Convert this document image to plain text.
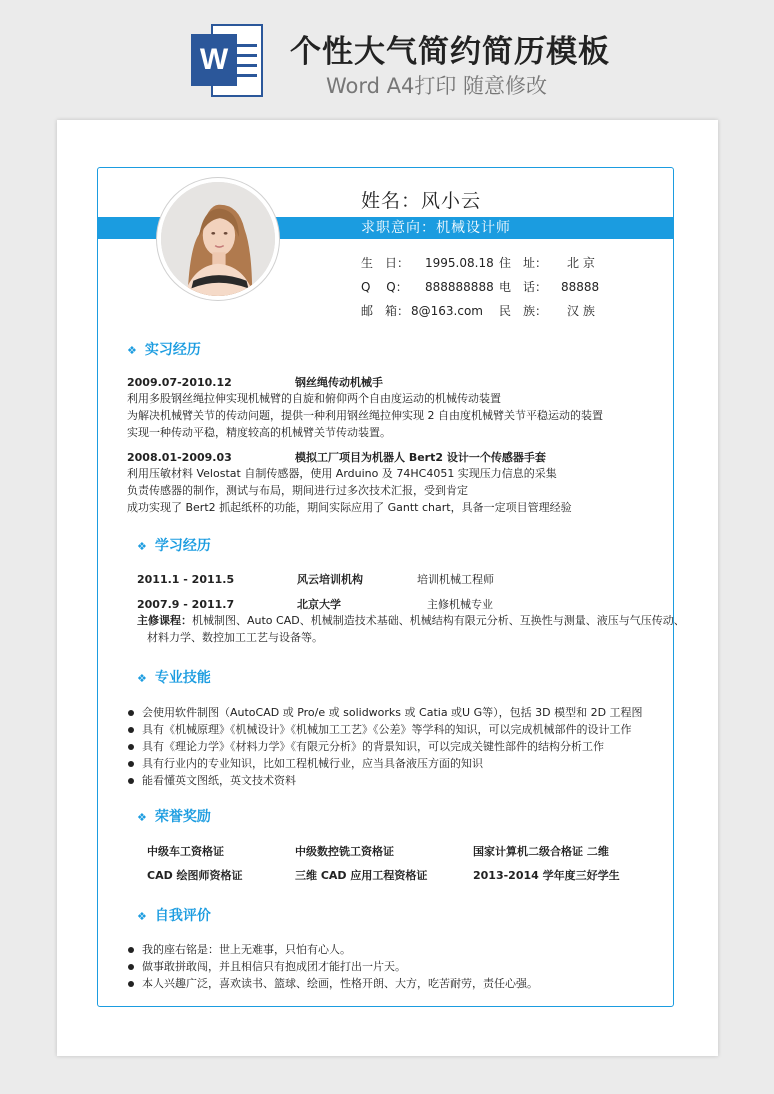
W 个性大气简约简历模板
Word A4打印 随意修改
姓名：风小云
求职意向：机械设计师
生　日： 1995.08.18 住　址： 北 京
Q　 Q： 888888888 电　话： 88888
邮　箱： 8@163.com 民　族： 汉 族
❖ 实习经历
2009.07-2010.12	钢丝绳传动机械手
利用多股钢丝绳拉伸实现机械臂的自旋和俯仰两个自由度运动的机械传动装置
为解决机械臂关节的传动问题，提供一种利用钢丝绳拉伸实现 2 自由度机械臂关节平稳运动的装置
实现一种传动平稳，精度较高的机械臂关节传动装置。
2008.01-2009.03	模拟工厂项目为机器人 Bert2 设计一个传感器手套
利用压敏材料 Velostat 自制传感器，使用 Arduino 及 74HC4051 实现压力信息的采集
负责传感器的制作，测试与布局，期间进行过多次技术汇报，受到肯定
成功实现了 Bert2 抓起纸杯的功能，期间实际应用了 Gantt chart，具备一定项目管理经验
❖ 学习经历
2011.1 - 2011.5	风云培训机构	培训机械工程师
2007.9 - 2011.7	北京大学	主修机械专业
主修课程：机械制图、Auto CAD、机械制造技术基础、机械结构有限元分析、互换性与测量、液压与气压传动、
材料力学、数控加工工艺与设备等。
❖ 专业技能
会使用软件制图（AutoCAD 或 Pro/e 或 solidworks 或 Catia 或U G等），包括 3D 模型和 2D 工程图
具有《机械原理》《机械设计》《机械加工工艺》《公差》等学科的知识，可以完成机械部件的设计工作
具有《理论力学》《材料力学》《有限元分析》的背景知识，可以完成关键性部件的结构分析工作
具有行业内的专业知识，比如工程机械行业，应当具备液压方面的知识
能看懂英文图纸，英文技术资料
❖ 荣誉奖励
中级车工资格证	中级数控铣工资格证	国家计算机二级合格证 二维
CAD 绘图师资格证	三维 CAD 应用工程资格证	2013-2014 学年度三好学生
❖ 自我评价
我的座右铭是：世上无难事，只怕有心人。
做事敢拼敢闯，并且相信只有抱成团才能打出一片天。
本人兴趣广泛，喜欢读书、篮球、绘画，性格开朗、大方，吃苦耐劳，责任心强。
